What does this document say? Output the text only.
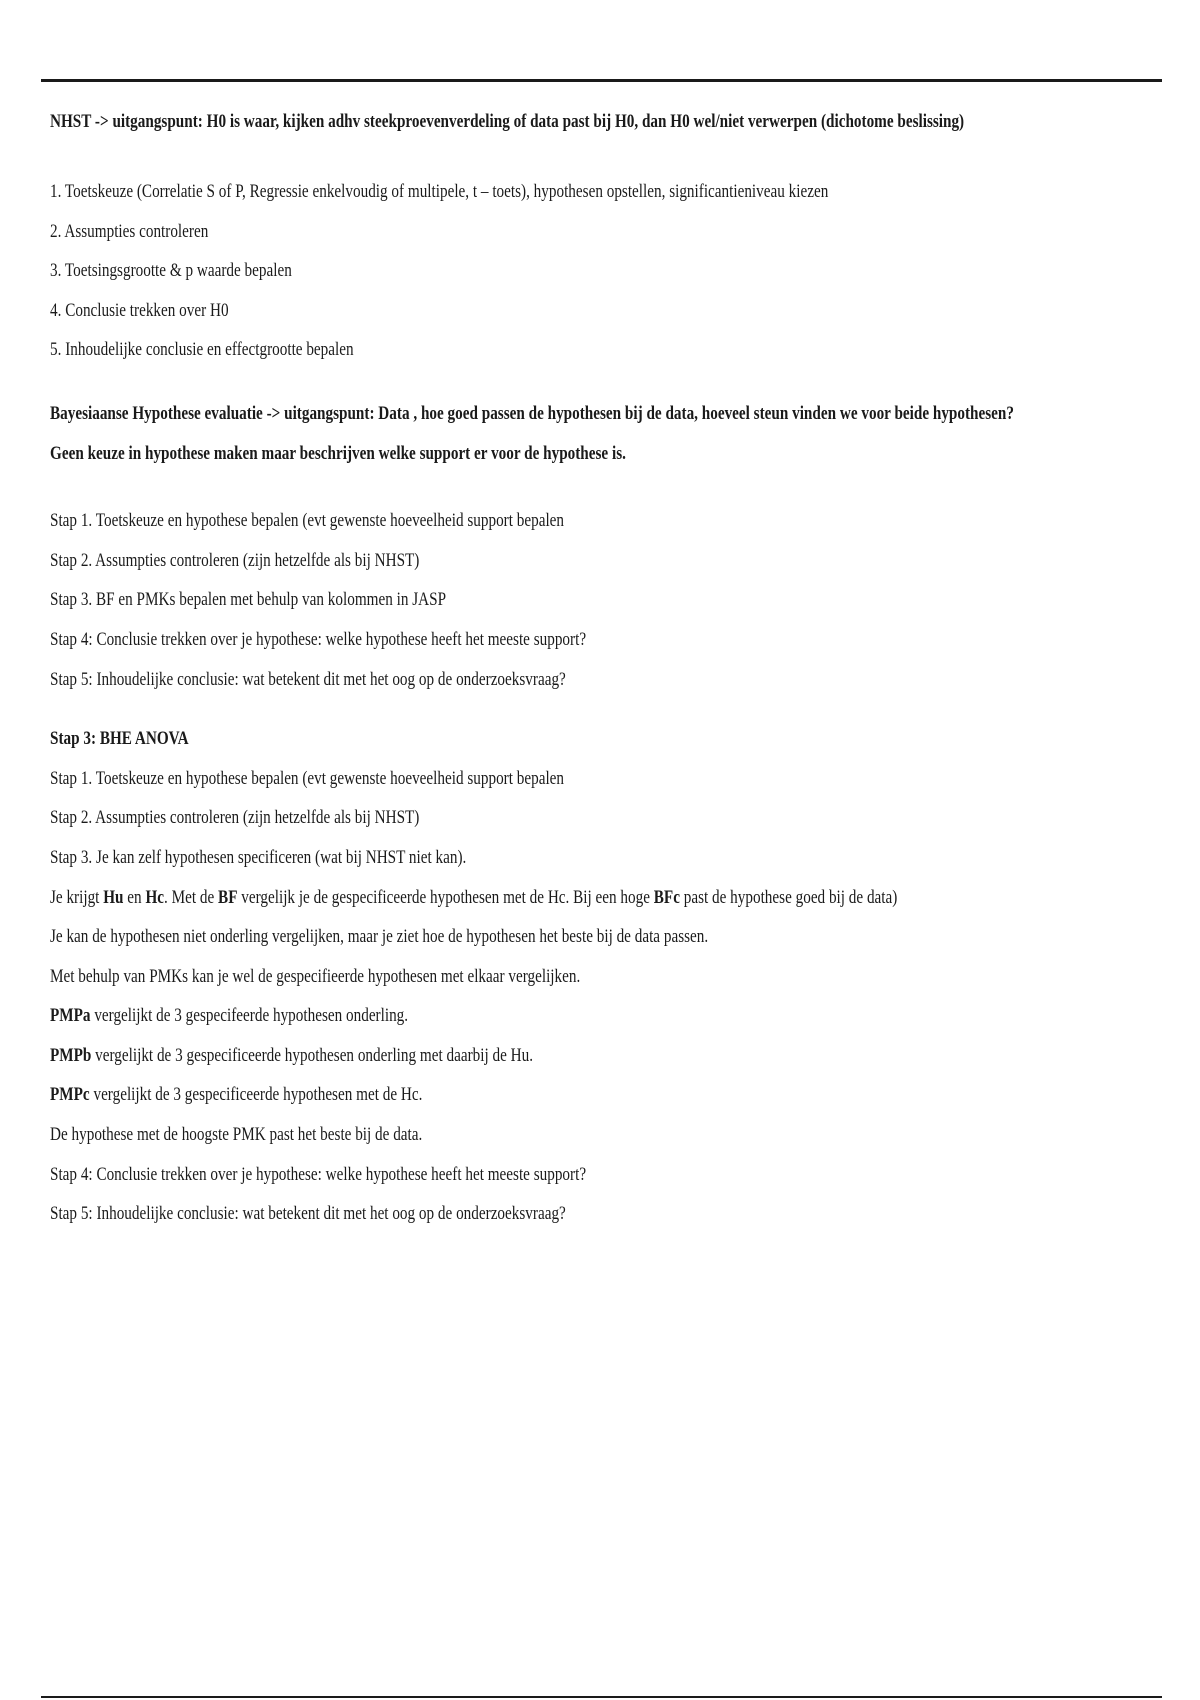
NHST -> uitgangspunt: H0 is waar, kijken adhv steekproevenverdeling of data past bij H0, dan H0 wel/niet verwerpen (dichotome beslissing)
1. Toetskeuze (Correlatie S of P, Regressie enkelvoudig of multipele, t – toets), hypothesen opstellen, significantieniveau kiezen
2. Assumpties controleren
3. Toetsingsgrootte & p waarde bepalen
4. Conclusie trekken over H0
5. Inhoudelijke conclusie en effectgrootte bepalen
Bayesiaanse Hypothese evaluatie -> uitgangspunt: Data , hoe goed passen de hypothesen bij de data, hoeveel steun vinden we voor beide hypothesen?
Geen keuze in hypothese maken maar beschrijven welke support er voor de hypothese is.
Stap 1. Toetskeuze en hypothese bepalen (evt gewenste hoeveelheid support bepalen
Stap 2. Assumpties controleren (zijn hetzelfde als bij NHST)
Stap 3. BF en PMKs bepalen met behulp van kolommen in JASP
Stap 4: Conclusie trekken over je hypothese: welke hypothese heeft het meeste support?
Stap 5: Inhoudelijke conclusie: wat betekent dit met het oog op de onderzoeksvraag?
Stap 3: BHE ANOVA
Stap 1. Toetskeuze en hypothese bepalen (evt gewenste hoeveelheid support bepalen
Stap 2. Assumpties controleren (zijn hetzelfde als bij NHST)
Stap 3. Je kan zelf hypothesen specificeren (wat bij NHST niet kan).
Je krijgt Hu en Hc. Met de BF vergelijk je de gespecificeerde hypothesen met de Hc. Bij een hoge BFc past de hypothese goed bij de data)
Je kan de hypothesen niet onderling vergelijken, maar je ziet hoe de hypothesen het beste bij de data passen.
Met behulp van PMKs kan je wel de gespecifieerde hypothesen met elkaar vergelijken.
PMPa vergelijkt de 3 gespecifeerde hypothesen onderling.
PMPb vergelijkt de 3 gespecificeerde hypothesen onderling met daarbij de Hu.
PMPc vergelijkt de 3 gespecificeerde hypothesen met de Hc.
De hypothese met de hoogste PMK past het beste bij de data.
Stap 4: Conclusie trekken over je hypothese: welke hypothese heeft het meeste support?
Stap 5: Inhoudelijke conclusie: wat betekent dit met het oog op de onderzoeksvraag?
